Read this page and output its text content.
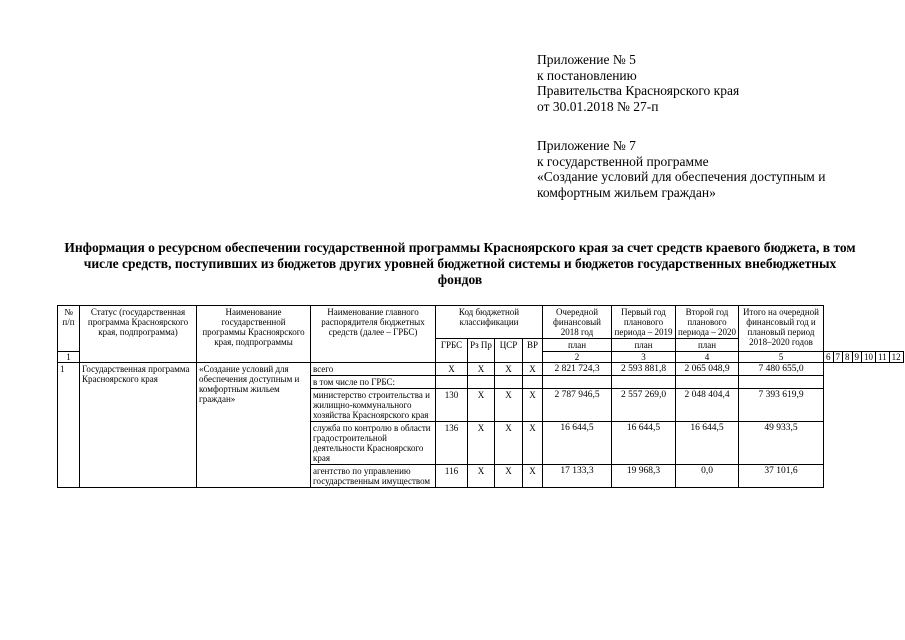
Приложение № 5
к постановлению
Правительства Красноярского края
от 30.01.2018 № 27-п
Приложение № 7
к государственной программе
«Создание условий для обеспечения доступным и комфортным жильем граждан»
Информация о ресурсном обеспечении государственной программы Красноярского края за счет средств краевого бюджета, в том числе средств, поступивших из бюджетов других уровней бюджетной системы и бюджетов государственных внебюджетных фондов
№ п/п	Статус (государственная программа Красноярского края, подпрограмма)	Наименование государственной программы Красноярского края, подпрограммы	Наименование главного распорядителя бюджетных средств (далее – ГРБС)	Код бюджетной классификации				Очередной финансовый 2018 год	Первый год планового периода – 2019	Второй год планового периода – 2020	Итого на очередной финансовый год и плановый период 2018–2020 годов							
				ГРБС	Рз Пр	ЦСР	ВР	план	план	план								
1								2	3	4	5	6	7	8	9	10	11	12
1	Государственная программа Красноярского края	«Создание условий для обеспечения доступным и комфортным жильем граждан»	всего	X	X	X	X	2 821 724,3	2 593 881,8	2 065 048,9	7 480 655,0							
			в том числе по ГРБС:															
			министерство строительства и жилищно-коммунального хозяйства Красноярского края	130	X	X	X	2 787 946,5	2 557 269,0	2 048 404,4	7 393 619,9							
			служба по контролю в области градостроительной деятельности Красноярского края	136	X	X	X	16 644,5	16 644,5	16 644,5	49 933,5							
			агентство по управлению государственным имуществом	116	X	X	X	17 133,3	19 968,3	0,0	37 101,6							
